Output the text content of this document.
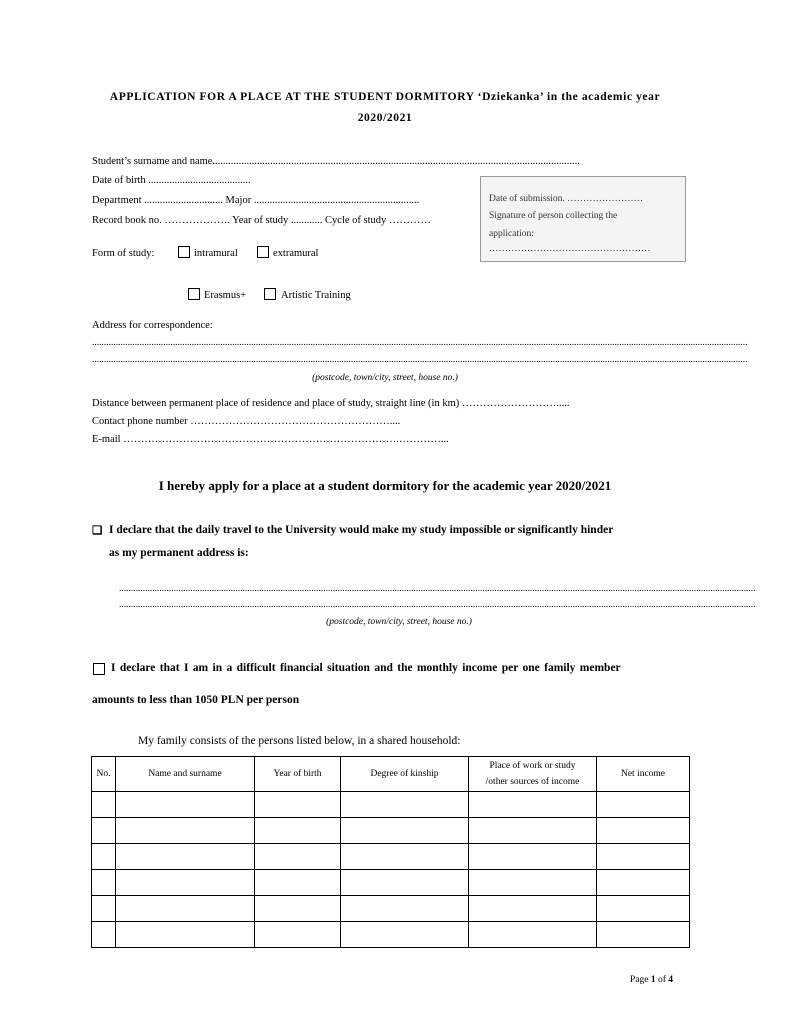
APPLICATION FOR A PLACE AT THE STUDENT DORMITORY ‘Dziekanka’ in the academic year
2020/2021
Student’s surname and name............................................................................................................................................
Date of birth .......................................
Department .............................. Major ...............................................................
Record book no. ………………. Year of study ............ Cycle of study …………
Date of submission. ……………………
Signature of person collecting the
application:
……………………………………………
Form of study:	intramural	extramural
Erasmus+	Artistic Training
Address for correspondence:
....................................................................................................................................................................................................................................................................................
....................................................................................................................................................................................................................................................................................
(postcode, town/city, street, house no.)
Distance between permanent place of residence and place of study, straight line (in km) ……………………….....
Contact phone number …………………………………………………....
E-mail …………………………………………………………………….…………...
I hereby apply for a place at a student dormitory for the academic year 2020/2021
❏ I declare that the daily travel to the University would make my study impossible or significantly hinder
as my permanent address is:
............................................................................................................................................................................................................................................................................
............................................................................................................................................................................................................................................................................
(postcode, town/city, street, house no.)
I declare that I am in a difficult financial situation and the monthly income per one family member
amounts to less than 1050 PLN per person
My family consists of the persons listed below, in a shared household:
No.	Name and surname	Year of birth	Degree of kinship	Place of work or study
/other sources of income	Net income

Page 1 of 4
